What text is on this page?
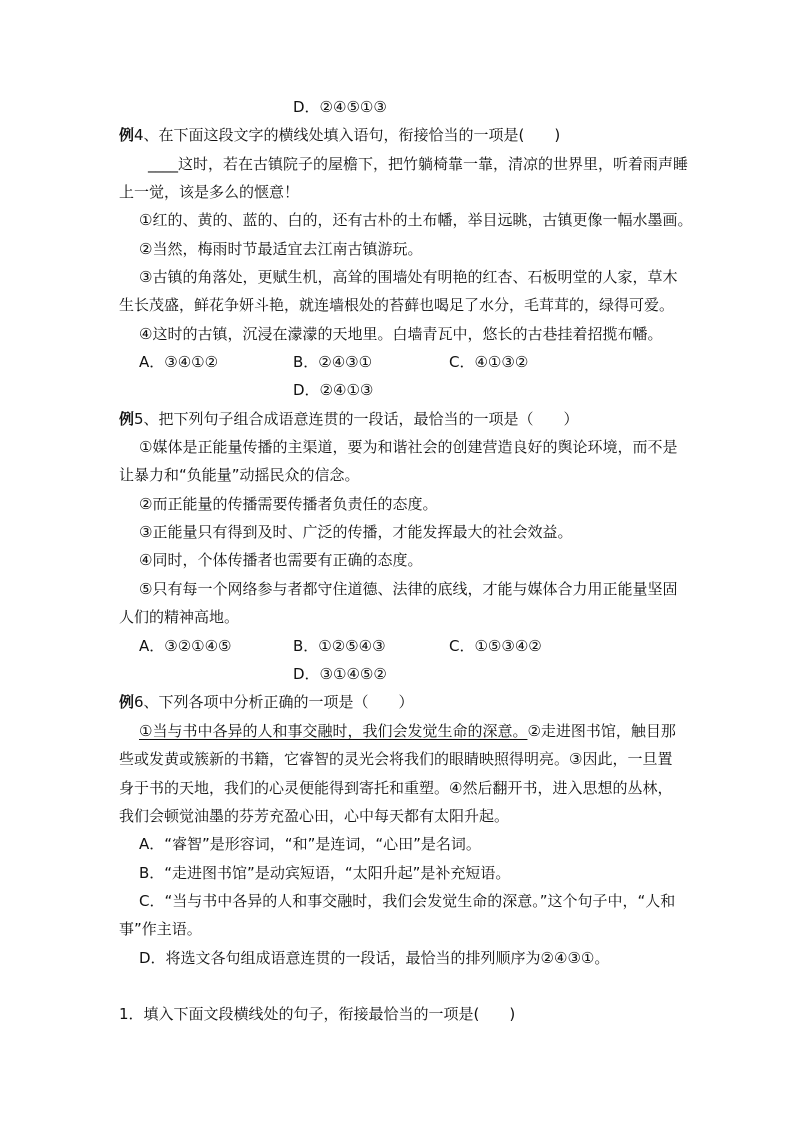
D．②④⑤①③
例4、在下面这段文字的横线处填入语句，衔接恰当的一项是(　　)
____这时，若在古镇院子的屋檐下，把竹躺椅靠一靠，清凉的世界里，听着雨声睡
上一觉，该是多么的惬意！
①红的、黄的、蓝的、白的，还有古朴的土布幡，举目远眺，古镇更像一幅水墨画。
②当然，梅雨时节最适宜去江南古镇游玩。
③古镇的角落处，更赋生机，高耸的围墙处有明艳的红杏、石板明堂的人家，草木
生长茂盛，鲜花争妍斗艳，就连墙根处的苔藓也喝足了水分，毛茸茸的，绿得可爱。
④这时的古镇，沉浸在濛濛的天地里。白墙青瓦中，悠长的古巷挂着招揽布幡。
A．③④①②	B．②④③①	C．④①③②
D．②④①③
例5、把下列句子组合成语意连贯的一段话，最恰当的一项是（　　）
①媒体是正能量传播的主渠道，要为和谐社会的创建营造良好的舆论环境，而不是
让暴力和“负能量”动摇民众的信念。
②而正能量的传播需要传播者负责任的态度。
③正能量只有得到及时、广泛的传播，才能发挥最大的社会效益。
④同时，个体传播者也需要有正确的态度。
⑤只有每一个网络参与者都守住道德、法律的底线，才能与媒体合力用正能量坚固
人们的精神高地。
A．③②①④⑤	B．①②⑤④③	C．①⑤③④②
D．③①④⑤②
例6、下列各项中分析正确的一项是（　　）
①当与书中各异的人和事交融时，我们会发觉生命的深意。②走进图书馆，触目那
些或发黄或簇新的书籍，它睿智的灵光会将我们的眼睛映照得明亮。③因此，一旦置
身于书的天地，我们的心灵便能得到寄托和重塑。④然后翻开书，进入思想的丛林，
我们会顿觉油墨的芬芳充盈心田，心中每天都有太阳升起。
A．“睿智”是形容词，“和”是连词，“心田”是名词。
B．“走进图书馆”是动宾短语，“太阳升起”是补充短语。
C．“当与书中各异的人和事交融时，我们会发觉生命的深意。”这个句子中，“人和
事”作主语。
D．将选文各句组成语意连贯的一段话，最恰当的排列顺序为②④③①。
1．填入下面文段横线处的句子，衔接最恰当的一项是(　　)
